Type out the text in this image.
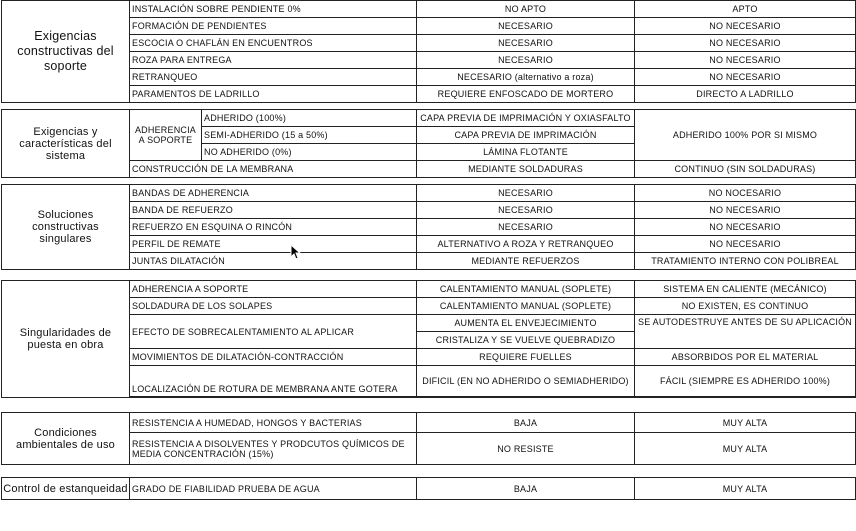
Exigencias constructivas del soporte	INSTALACIÓN SOBRE PENDIENTE 0%		NO APTO	APTO
	FORMACIÓN DE PENDIENTES		NECESARIO	NO NECESARIO
	ESCOCIA O CHAFLÁN EN ENCUENTROS		NECESARIO	NO NECESARIO
	ROZA PARA ENTREGA		NECESARIO	NO NECESARIO
	RETRANQUEO		NECESARIO (alternativo a roza)	NO NECESARIO
	PARAMENTOS DE LADRILLO		REQUIERE ENFOSCADO DE MORTERO	DIRECTO A LADRILLO

Exigencias y características del sistema	ADHERENCIA A SOPORTE	ADHERIDO (100%)	CAPA PREVIA DE IMPRIMACIÓN Y OXIASFALTO	ADHERIDO 100% POR SI MISMO
		SEMI-ADHERIDO (15 a 50%)	CAPA PREVIA DE IMPRIMACIÓN	
		NO ADHERIDO (0%)	LÁMINA FLOTANTE	
	CONSTRUCCIÓN DE LA MEMBRANA		MEDIANTE SOLDADURAS	CONTINUO (SIN SOLDADURAS)

Soluciones constructivas singulares	BANDAS DE ADHERENCIA		NECESARIO	NO NOCESARIO
	BANDA DE REFUERZO		NECESARIO	NO NECESARIO
	REFUERZO EN ESQUINA O RINCÓN		NECESARIO	NO NECESARIO
	PERFIL DE REMATE		ALTERNATIVO A ROZA Y RETRANQUEO	NO NECESARIO
	JUNTAS DILATACIÓN		MEDIANTE REFUERZOS	TRATAMIENTO INTERNO CON POLIBREAL

Singularidades de puesta en obra	ADHERENCIA A SOPORTE		CALENTAMIENTO MANUAL (SOPLETE)	SISTEMA EN CALIENTE (MECÁNICO)
	SOLDADURA DE LOS SOLAPES		CALENTAMIENTO MANUAL (SOPLETE)	NO EXISTEN, ES CONTINUO
	EFECTO DE SOBRECALENTAMIENTO AL APLICAR		AUMENTA EL ENVEJECIMIENTO	SE AUTODESTRUYE ANTES DE SU APLICACIÓN
			CRISTALIZA Y SE VUELVE QUEBRADIZO	
	MOVIMIENTOS DE DILATACIÓN-CONTRACCIÓN		REQUIERE FUELLES	ABSORBIDOS POR EL MATERIAL
	LOCALIZACIÓN DE ROTURA DE MEMBRANA ANTE GOTERA		DIFICIL (EN NO ADHERIDO O SEMIADHERIDO)	FÁCIL (SIEMPRE ES ADHERIDO 100%)

Condiciones ambientales de uso	RESISTENCIA A HUMEDAD, HONGOS Y BACTERIAS		BAJA	MUY ALTA
	RESISTENCIA A DISOLVENTES Y PRODCUTOS QUÍMICOS DE MEDIA CONCENTRACIÓN (15%)		NO RESISTE	MUY ALTA

Control de estanqueidad	GRADO DE FIABILIDAD PRUEBA DE AGUA		BAJA	MUY ALTA
